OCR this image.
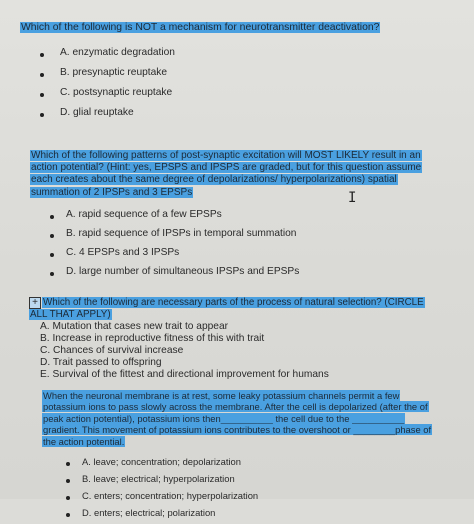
Which of the following is NOT a mechanism for neurotransmitter deactivation?

A. enzymatic degradation
B. presynaptic reuptake
C. postsynaptic reuptake
D. glial reuptake

Which of the following patterns of post-synaptic excitation will MOST LIKELY result in an action potential? (Hint: yes, EPSPS and IPSPS are graded, but for this question assume each creates about the same degree of depolarizations/ hyperpolarizations) spatial summation of 2 IPSPs and 3 EPSPs

A. rapid sequence of a few EPSPs
B. rapid sequence of IPSPs in temporal summation
C. 4 EPSPs and 3 IPSPs
D. large number of simultaneous IPSPs and EPSPs
I

+ Which of the following are necessary parts of the process of natural selection? (CIRCLE ALL THAT APPLY)

A. Mutation that cases new trait to appear
B. Increase in reproductive fitness of this with trait
C. Chances of survival increase
D. Trait passed to offspring
E. Survival of the fittest and directional improvement for humans

When the neuronal membrane is at rest, some leaky potassium channels permit a few potassium ions to pass slowly across the membrane. After the cell is depolarized (after the of peak action potential), potassium ions then__________ the cell due to the __________ gradient. This movement of potassium ions contributes to the overshoot or ________phase of the action potential.

A. leave; concentration; depolarization
B. leave; electrical; hyperpolarization
C. enters; concentration; hyperpolarization
D. enters; electrical; polarization
